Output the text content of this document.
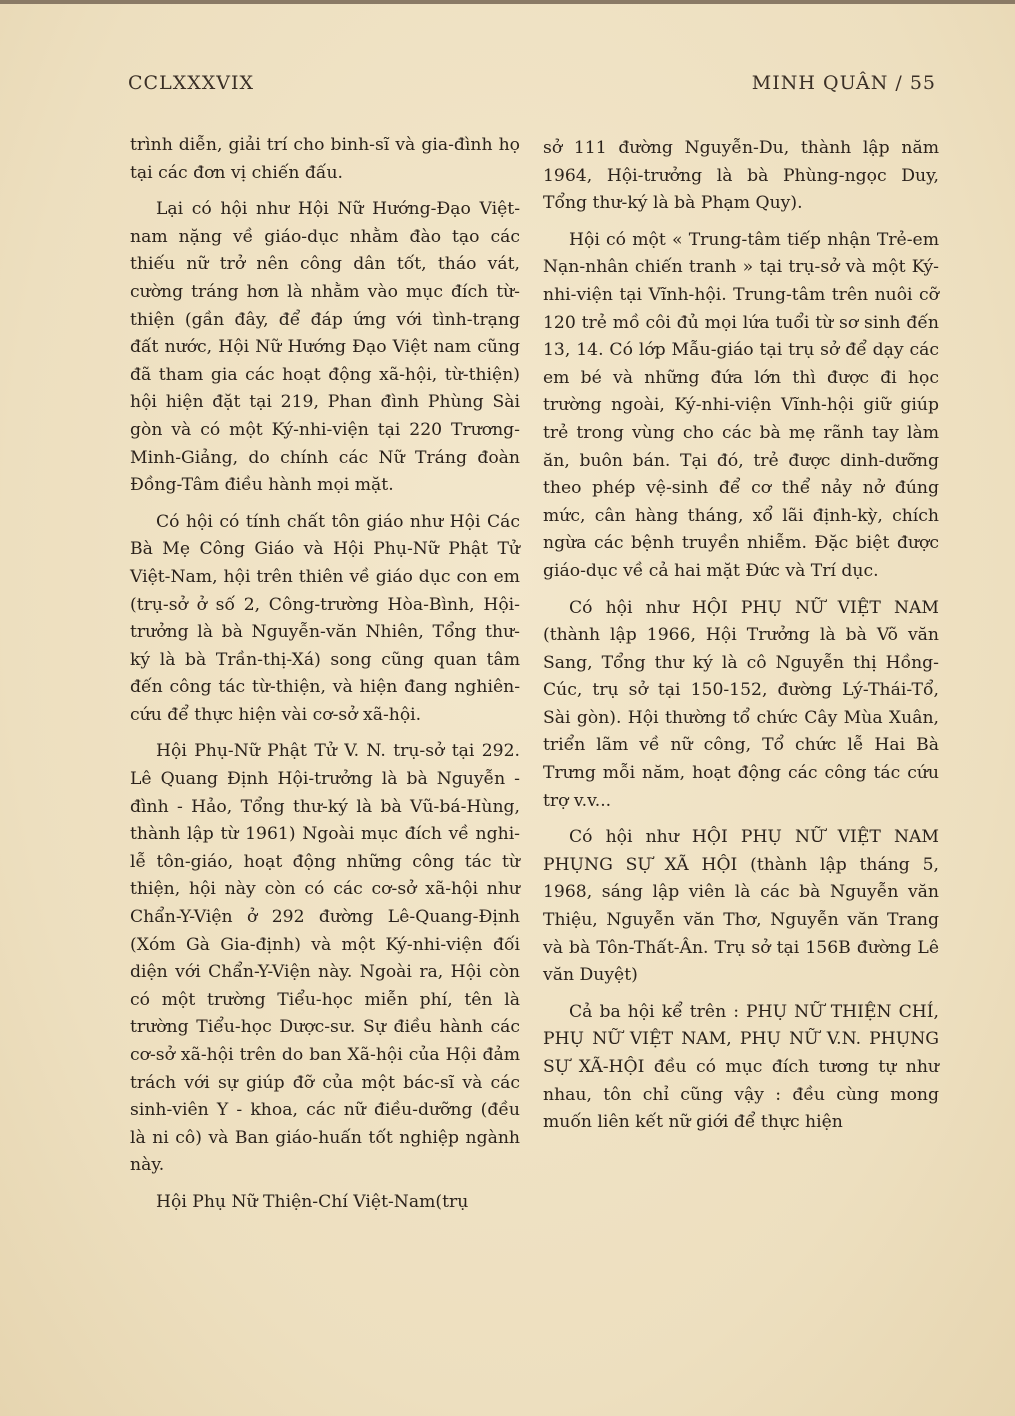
CCLXXXVIX	MINH QUÂN / 55

trình diễn, giải trí cho binh-sĩ và gia-đình họ tại các đơn vị chiến đấu.

Lại có hội như Hội Nữ Hướng-Đạo Việt-nam nặng về giáo-dục nhằm đào tạo các thiếu nữ trở nên công dân tốt, tháo vát, cường tráng hơn là nhằm vào mục đích từ-thiện (gần đây, để đáp ứng với tình-trạng đất nước, Hội Nữ Hướng Đạo Việt nam cũng đã tham gia các hoạt động xã-hội, từ-thiện) hội hiện đặt tại 219, Phan đình Phùng Sài gòn và có một Ký-nhi-viện tại 220 Trương-Minh-Giảng, do chính các Nữ Tráng đoàn Đồng-Tâm điều hành mọi mặt.

Có hội có tính chất tôn giáo như Hội Các Bà Mẹ Công Giáo và Hội Phụ-Nữ Phật Tử Việt-Nam, hội trên thiên về giáo dục con em (trụ-sở ở số 2, Công-trường Hòa-Bình, Hội-trưởng là bà Nguyễn-văn Nhiên, Tổng thư-ký là bà Trần-thị-Xá) song cũng quan tâm đến công tác từ-thiện, và hiện đang nghiên-cứu để thực hiện vài cơ-sở xã-hội.

Hội Phụ-Nữ Phật Tử V. N. trụ-sở tại 292. Lê Quang Định Hội-trưởng là bà Nguyễn - đình - Hảo, Tổng thư-ký là bà Vũ-bá-Hùng, thành lập từ 1961) Ngoài mục đích về nghi-lễ tôn-giáo, hoạt động những công tác từ thiện, hội này còn có các cơ-sở xã-hội như Chẩn-Y-Viện ở 292 đường Lê-Quang-Định (Xóm Gà Gia-định) và một Ký-nhi-viện đối diện với Chẩn-Y-Viện này. Ngoài ra, Hội còn có một trường Tiểu-học miễn phí, tên là trường Tiểu-học Dược-sư. Sự điều hành các cơ-sở xã-hội trên do ban Xã-hội của Hội đảm trách với sự giúp đỡ của một bác-sĩ và các sinh-viên Y - khoa, các nữ điều-dưỡng (đều là ni cô) và Ban giáo-huấn tốt nghiệp ngành này.

Hội Phụ Nữ Thiện-Chí Việt-Nam(trụ

sở 111 đường Nguyễn-Du, thành lập năm 1964, Hội-trưởng là bà Phùng-ngọc Duy, Tổng thư-ký là bà Phạm Quy).

Hội có một « Trung-tâm tiếp nhận Trẻ-em Nạn-nhân chiến tranh » tại trụ-sở và một Ký-nhi-viện tại Vĩnh-hội. Trung-tâm trên nuôi cỡ 120 trẻ mồ côi đủ mọi lứa tuổi từ sơ sinh đến 13, 14. Có lớp Mẫu-giáo tại trụ sở để dạy các em bé và những đứa lớn thì được đi học trường ngoài, Ký-nhi-viện Vĩnh-hội giữ giúp trẻ trong vùng cho các bà mẹ rãnh tay làm ăn, buôn bán. Tại đó, trẻ được dinh-dưỡng theo phép vệ-sinh để cơ thể nảy nở đúng mức, cân hàng tháng, xổ lãi định-kỳ, chích ngừa các bệnh truyền nhiễm. Đặc biệt được giáo-dục về cả hai mặt Đức và Trí dục.

Có hội như HỘI PHỤ NỮ VIỆT NAM (thành lập 1966, Hội Trưởng là bà Võ văn Sang, Tổng thư ký là cô Nguyễn thị Hồng-Cúc, trụ sở tại 150-152, đường Lý-Thái-Tổ, Sài gòn). Hội thường tổ chức Cây Mùa Xuân, triển lãm về nữ công, Tổ chức lễ Hai Bà Trưng mỗi năm, hoạt động các công tác cứu trợ v.v...

Có hội như HỘI PHỤ NỮ VIỆT NAM PHỤNG SỰ XÃ HỘI (thành lập tháng 5, 1968, sáng lập viên là các bà Nguyễn văn Thiệu, Nguyễn văn Thơ, Nguyễn văn Trang và bà Tôn-Thất-Ân. Trụ sở tại 156B đường Lê văn Duyệt)

Cả ba hội kể trên : PHỤ NỮ THIỆN CHÍ, PHỤ NỮ VIỆT NAM, PHỤ NỮ V.N. PHỤNG SỰ XÃ-HỘI đều có mục đích tương tự như nhau, tôn chỉ cũng vậy : đều cùng mong muốn liên kết nữ giới để thực hiện
